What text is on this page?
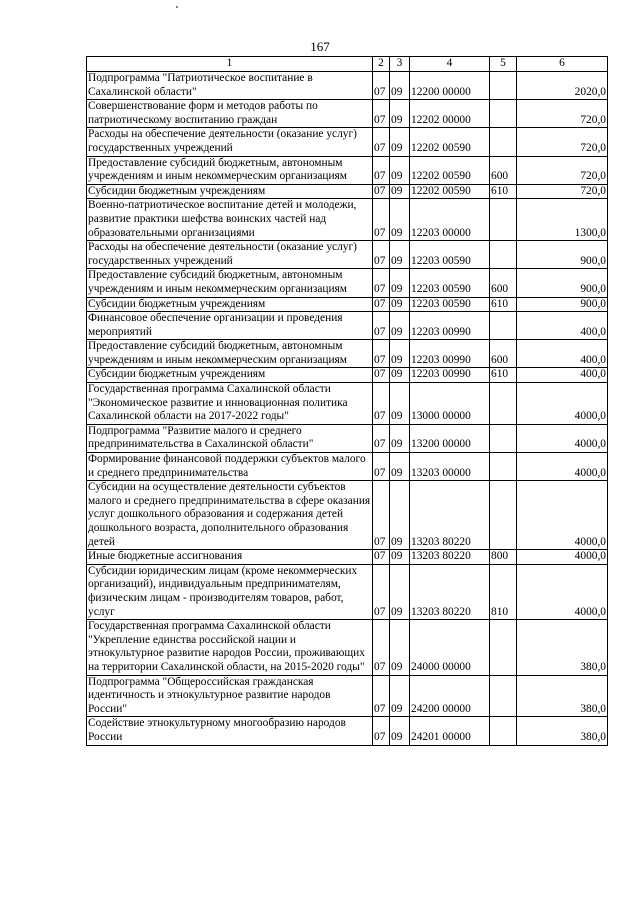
167
1	2	3	4	5	6
Подпрограмма "Патриотическое воспитание в Сахалинской области"	07	09	12200 00000		2020,0
Совершенствование форм и методов работы по патриотическому воспитанию граждан	07	09	12202 00000		720,0
Расходы на обеспечение деятельности (оказание услуг) государственных учреждений	07	09	12202 00590		720,0
Предоставление субсидий бюджетным, автономным учреждениям и иным некоммерческим организациям	07	09	12202 00590	600	720,0
Субсидии бюджетным учреждениям	07	09	12202 00590	610	720,0
Военно-патриотическое воспитание детей и молодежи, развитие практики шефства воинских частей над образовательными организациями	07	09	12203 00000		1300,0
Расходы на обеспечение деятельности (оказание услуг) государственных учреждений	07	09	12203 00590		900,0
Предоставление субсидий бюджетным, автономным учреждениям и иным некоммерческим организациям	07	09	12203 00590	600	900,0
Субсидии бюджетным учреждениям	07	09	12203 00590	610	900,0
Финансовое обеспечение организации и проведения мероприятий	07	09	12203 00990		400,0
Предоставление субсидий бюджетным, автономным учреждениям и иным некоммерческим организациям	07	09	12203 00990	600	400,0
Субсидии бюджетным учреждениям	07	09	12203 00990	610	400,0
Государственная программа Сахалинской области "Экономическое развитие и инновационная политика Сахалинской области на 2017-2022 годы"	07	09	13000 00000		4000,0
Подпрограмма "Развитие малого и среднего предпринимательства в Сахалинской области"	07	09	13200 00000		4000,0
Формирование финансовой поддержки субъектов малого и среднего предпринимательства	07	09	13203 00000		4000,0
Субсидии на осуществление деятельности субъектов малого и среднего предпринимательства в сфере оказания услуг дошкольного образования и содержания детей дошкольного возраста, дополнительного образования детей	07	09	13203 80220		4000,0
Иные бюджетные ассигнования	07	09	13203 80220	800	4000,0
Субсидии юридическим лицам (кроме некоммерческих организаций), индивидуальным предпринимателям, физическим лицам - производителям товаров, работ, услуг	07	09	13203 80220	810	4000,0
Государственная программа Сахалинской области "Укрепление единства российской нации и этнокультурное развитие народов России, проживающих на территории Сахалинской области, на 2015-2020 годы"	07	09	24000 00000		380,0
Подпрограмма "Общероссийская гражданская идентичность и этнокультурное развитие народов России"	07	09	24200 00000		380,0
Содействие этнокультурному многообразию народов России	07	09	24201 00000		380,0
